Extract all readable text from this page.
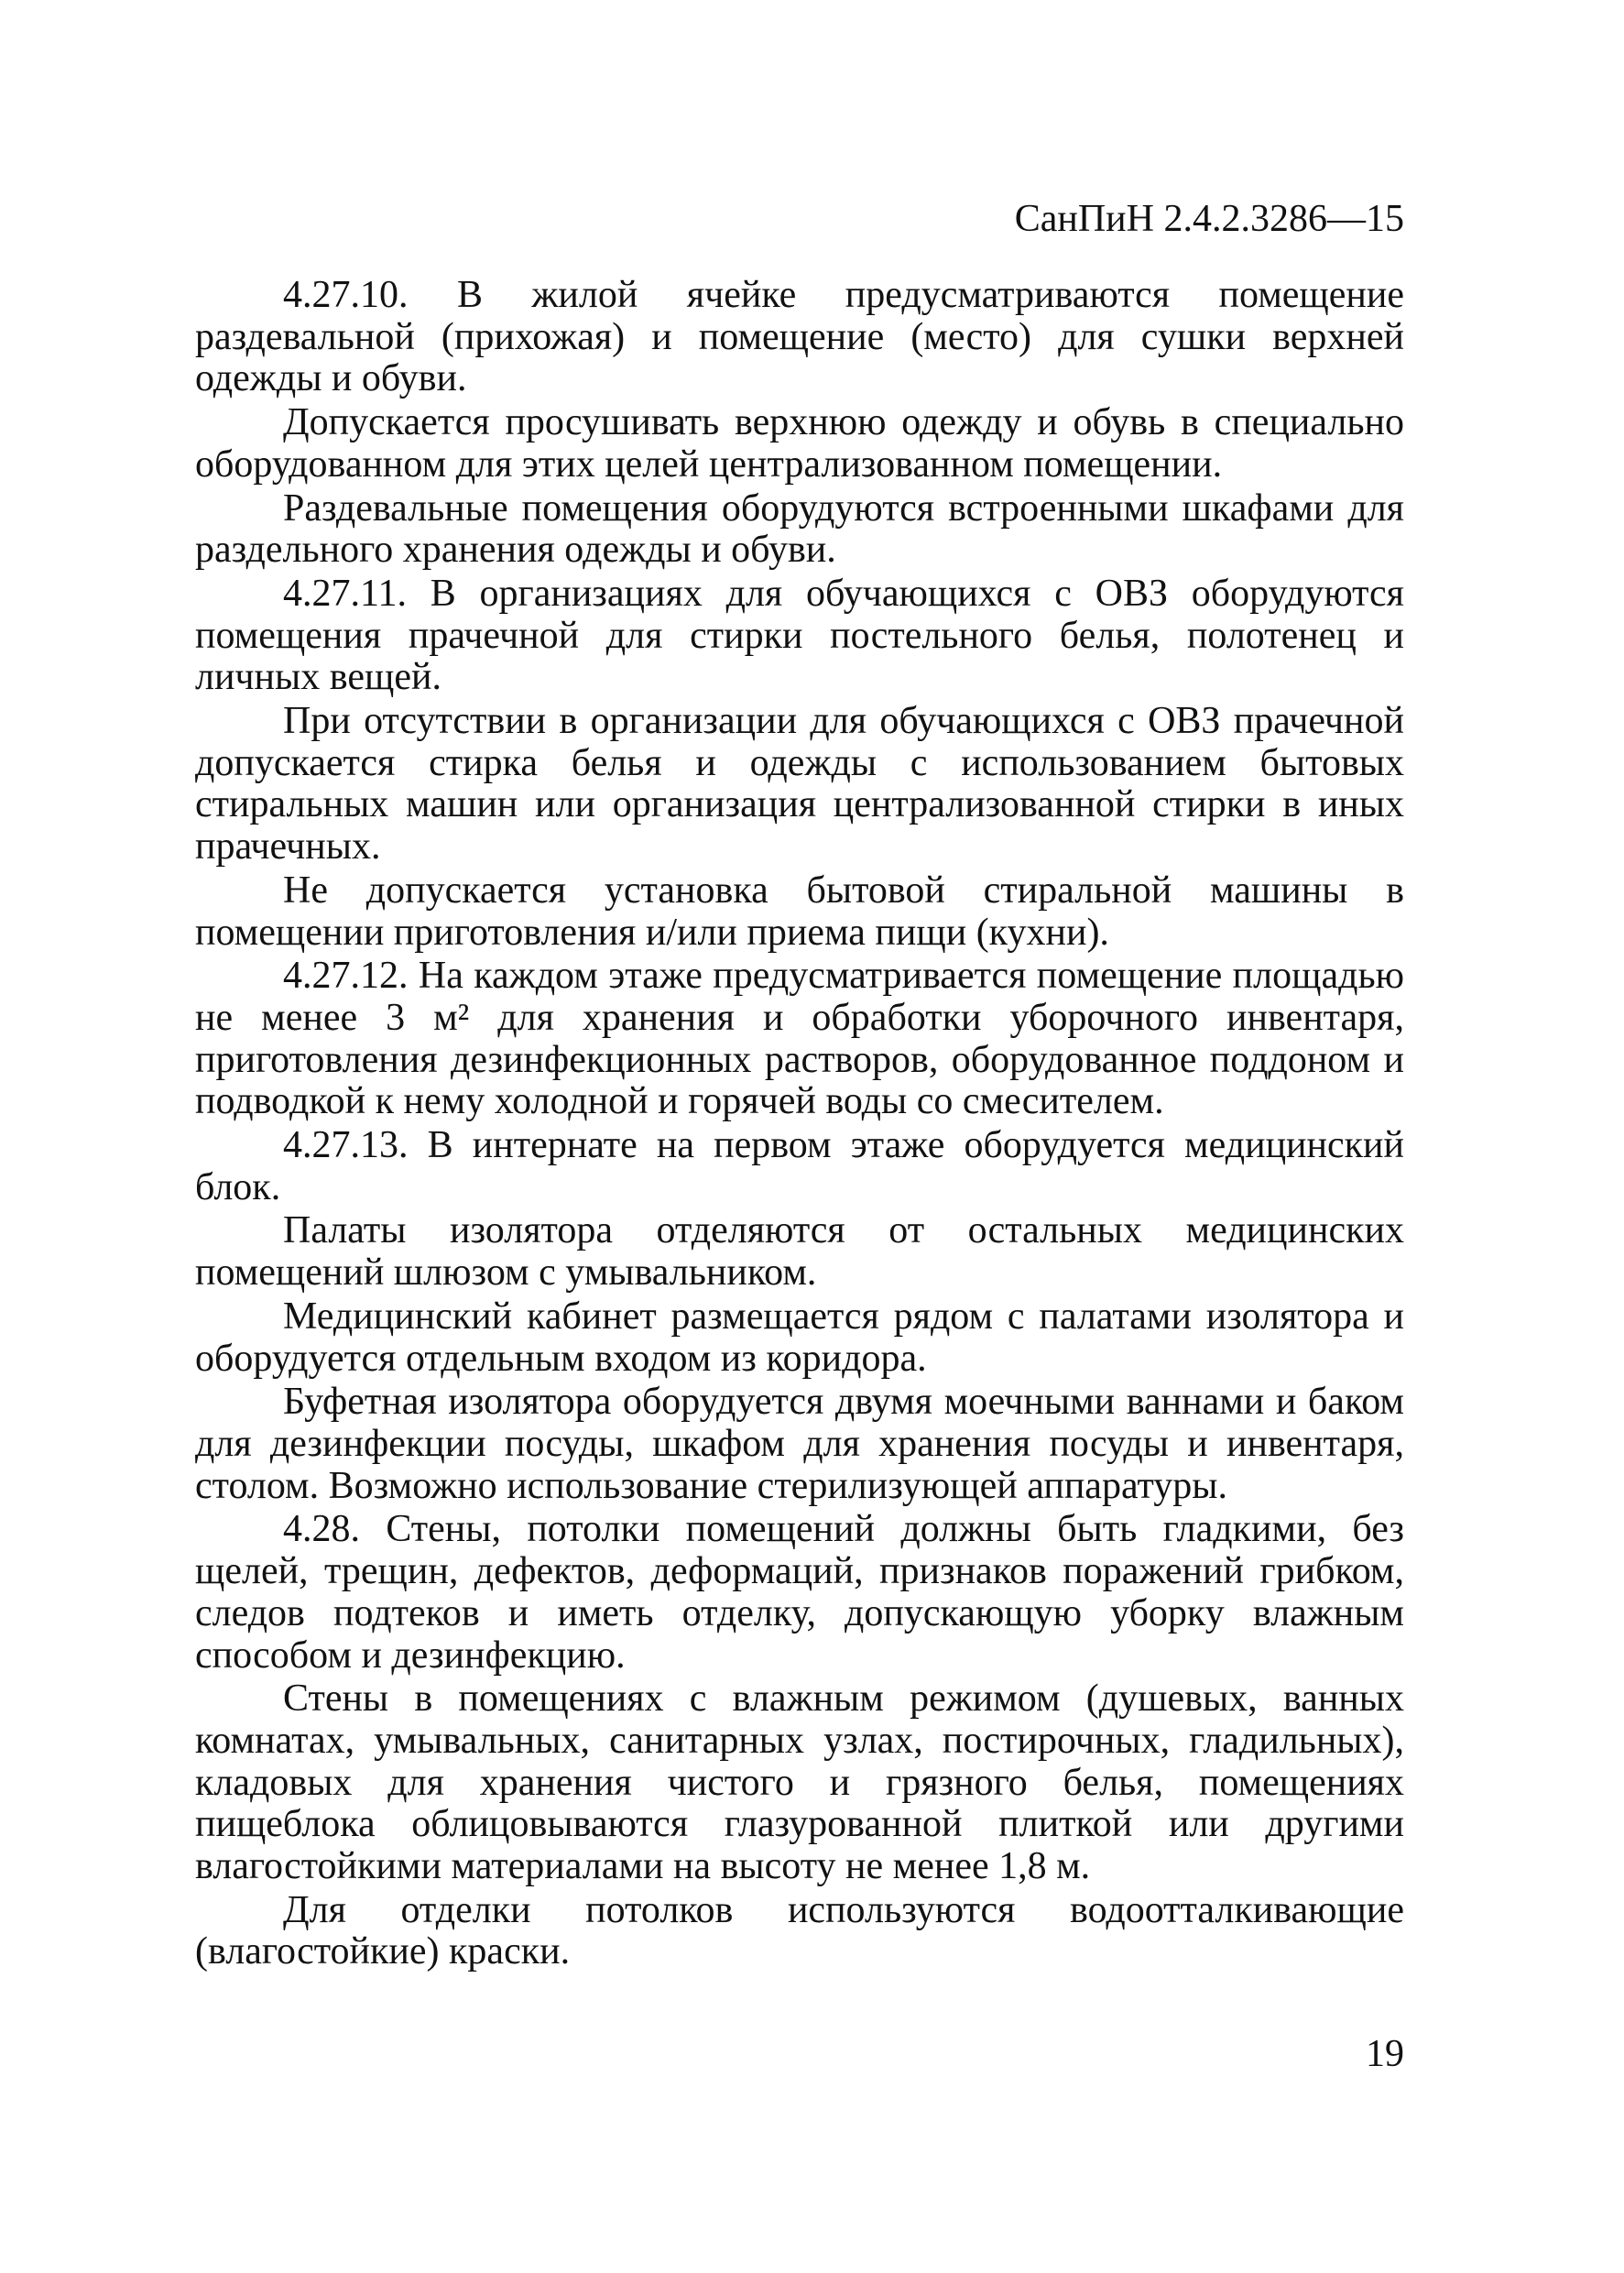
СанПиН 2.4.2.3286—15

4.27.10. В жилой ячейке предусматриваются помещение раздевальной (прихожая) и помещение (место) для сушки верхней одежды и обуви.

Допускается просушивать верхнюю одежду и обувь в специально оборудованном для этих целей централизованном помещении.

Раздевальные помещения оборудуются встроенными шкафами для раздельного хранения одежды и обуви.

4.27.11. В организациях для обучающихся с ОВЗ оборудуются помещения прачечной для стирки постельного белья, полотенец и личных вещей.

При отсутствии в организации для обучающихся с ОВЗ прачечной допускается стирка белья и одежды с использованием бытовых стиральных машин или организация централизованной стирки в иных прачечных.

Не допускается установка бытовой стиральной машины в помещении приготовления и/или приема пищи (кухни).

4.27.12. На каждом этаже предусматривается помещение площадью не менее 3 м² для хранения и обработки уборочного инвентаря, приготовления дезинфекционных растворов, оборудованное поддоном и подводкой к нему холодной и горячей воды со смесителем.

4.27.13. В интернате на первом этаже оборудуется медицинский блок.

Палаты изолятора отделяются от остальных медицинских помещений шлюзом с умывальником.

Медицинский кабинет размещается рядом с палатами изолятора и оборудуется отдельным входом из коридора.

Буфетная изолятора оборудуется двумя моечными ваннами и баком для дезинфекции посуды, шкафом для хранения посуды и инвентаря, столом. Возможно использование стерилизующей аппаратуры.

4.28. Стены, потолки помещений должны быть гладкими, без щелей, трещин, дефектов, деформаций, признаков поражений грибком, следов подтеков и иметь отделку, допускающую уборку влажным способом и дезинфекцию.

Стены в помещениях с влажным режимом (душевых, ванных комнатах, умывальных, санитарных узлах, постирочных, гладильных), кладовых для хранения чистого и грязного белья, помещениях пищеблока облицовываются глазурованной плиткой или другими влагостойкими материалами на высоту не менее 1,8 м.

Для отделки потолков используются водоотталкивающие (влагостойкие) краски.

19
